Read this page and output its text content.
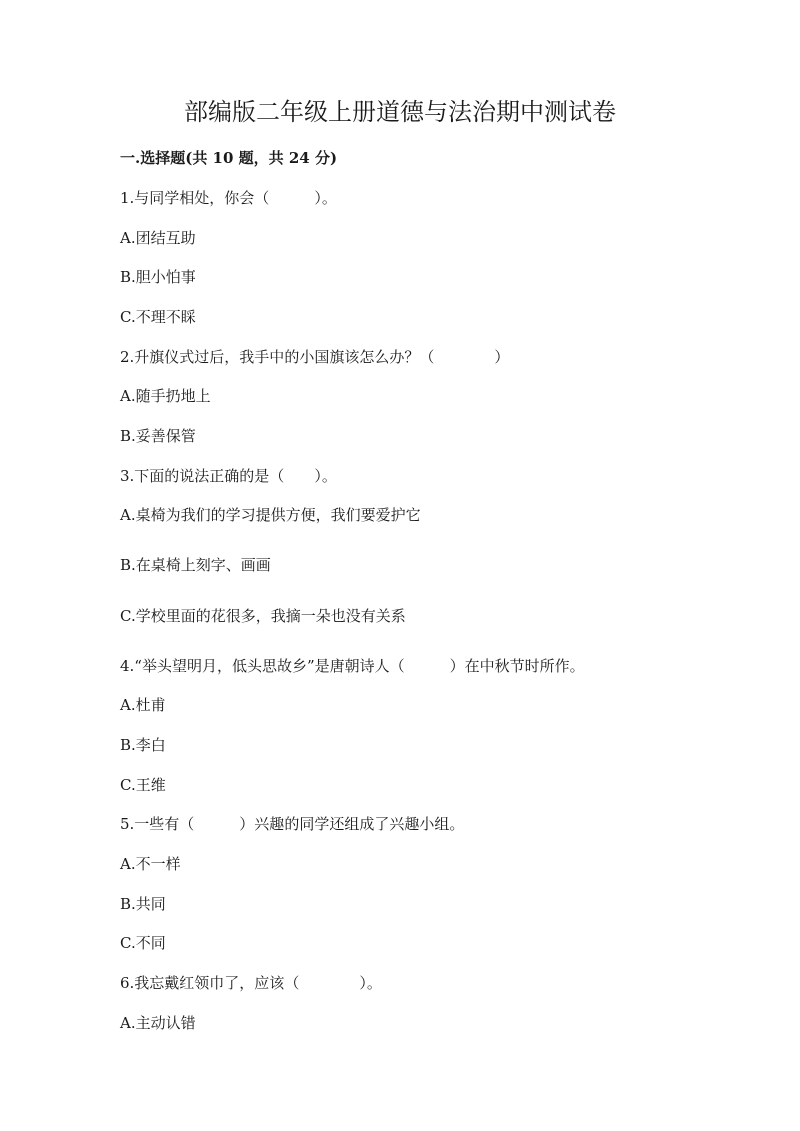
部编版二年级上册道德与法治期中测试卷
一.选择题(共 10 题，共 24 分)
1.与同学相处，你会（　　　）。
A.团结互助
B.胆小怕事
C.不理不睬
2.升旗仪式过后，我手中的小国旗该怎么办？（　　　　）
A.随手扔地上
B.妥善保管
3.下面的说法正确的是（　　）。
A.桌椅为我们的学习提供方便，我们要爱护它
B.在桌椅上刻字、画画
C.学校里面的花很多，我摘一朵也没有关系
4.“举头望明月，低头思故乡”是唐朝诗人（　　　）在中秋节时所作。
A.杜甫
B.李白
C.王维
5.一些有（　　　）兴趣的同学还组成了兴趣小组。
A.不一样
B.共同
C.不同
6.我忘戴红领巾了，应该（　　　　）。
A.主动认错
